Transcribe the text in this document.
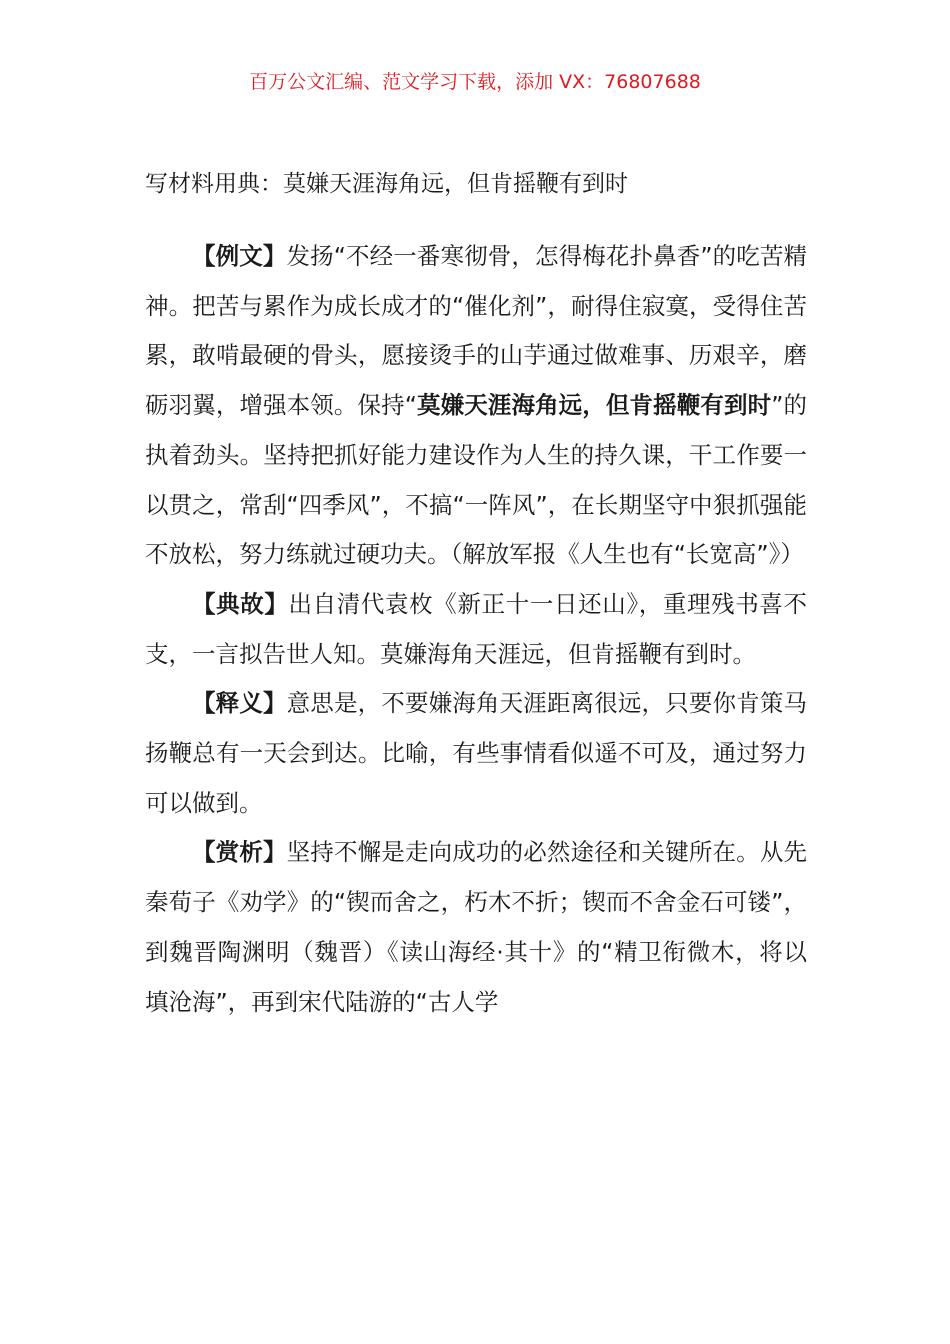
百万公文汇编、范文学习下载，添加 VX：76807688
写材料用典：莫嫌天涯海角远，但肯摇鞭有到时

【例文】发扬“不经一番寒彻骨，怎得梅花扑鼻香”的吃苦精神。把苦与累作为成长成才的“催化剂”，耐得住寂寞，受得住苦累，敢啃最硬的骨头，愿接烫手的山芋通过做难事、历艰辛，磨砺羽翼，增强本领。保持“莫嫌天涯海角远，但肯摇鞭有到时”的执着劲头。坚持把抓好能力建设作为人生的持久课，干工作要一以贯之，常刮“四季风”，不搞“一阵风”，在长期坚守中狠抓强能不放松，努力练就过硬功夫。（解放军报《人生也有“长宽高”》）

【典故】出自清代袁枚《新正十一日还山》，重理残书喜不支，一言拟告世人知。莫嫌海角天涯远，但肯摇鞭有到时。

【释义】意思是，不要嫌海角天涯距离很远，只要你肯策马扬鞭总有一天会到达。比喻，有些事情看似遥不可及，通过努力可以做到。

【赏析】坚持不懈是走向成功的必然途径和关键所在。从先秦荀子《劝学》的“锲而舍之，朽木不折；锲而不舍金石可镂”，到魏晋陶渊明（魏晋）《读山海经·其十》的“精卫衔微木，将以填沧海”，再到宋代陆游的“古人学
